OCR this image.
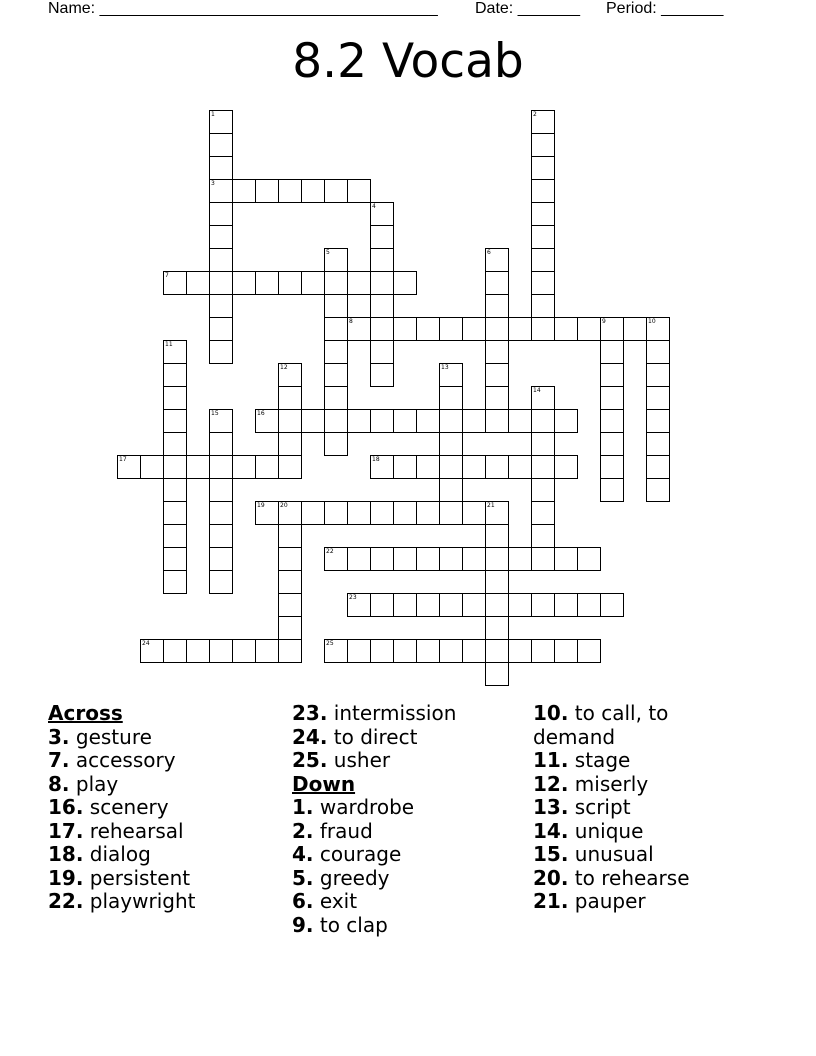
Name: ______________________________________ Date: _______ Period: _______
8.2 Vocab
1	2
3
4
5	6
7
8	9	10
11
12	13
14
15	16
17	18
19	20	21
22
23
24	25
Across
3. gesture
7. accessory
8. play
16. scenery
17. rehearsal
18. dialog
19. persistent
22. playwright
23. intermission
24. to direct
25. usher
Down
1. wardrobe
2. fraud
4. courage
5. greedy
6. exit
9. to clap
10. to call, to demand
11. stage
12. miserly
13. script
14. unique
15. unusual
20. to rehearse
21. pauper
